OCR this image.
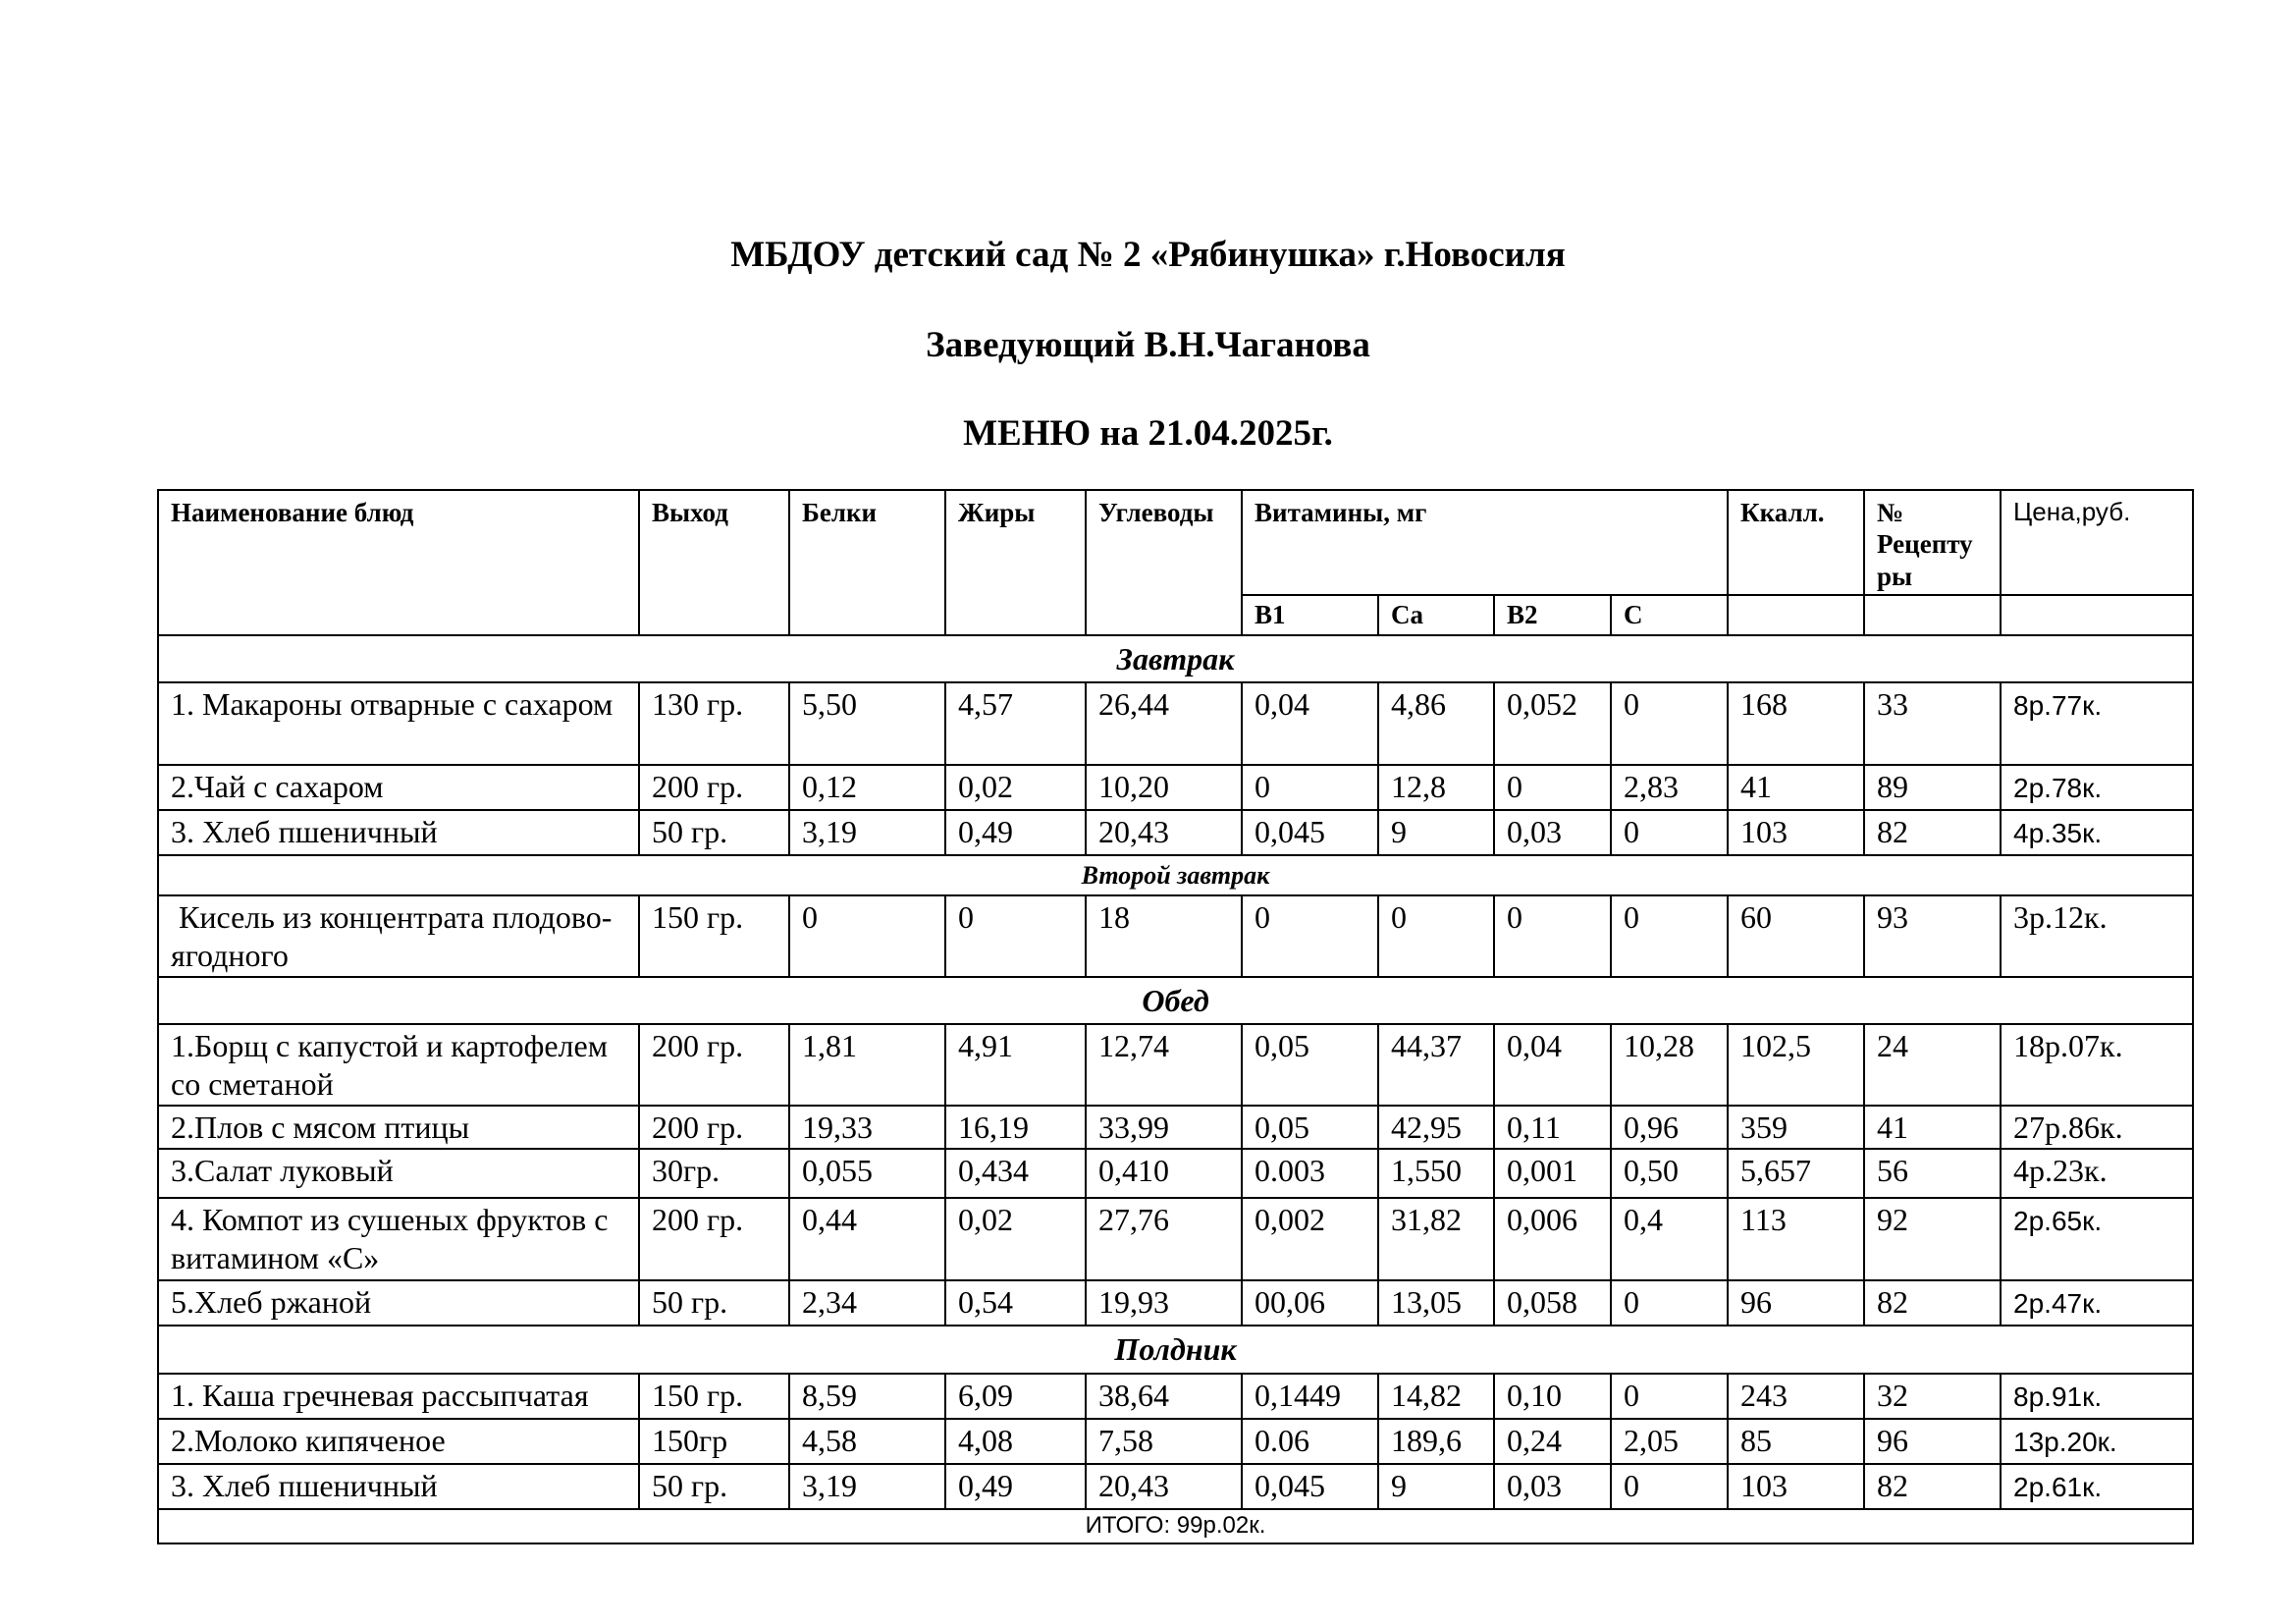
МБДОУ детский сад № 2 «Рябинушка» г.Новосиля
Заведующий В.Н.Чаганова
МЕНЮ на 21.04.2025г.
Наименование блюд	Выход	Белки	Жиры	Углеводы	Витамины, мг				Ккалл.	№ Рецепту ры	Цена,руб.
					В1	Са	В2	С			
Завтрак											
1. Макароны отварные с сахаром	130 гр.	5,50	4,57	26,44	0,04	4,86	0,052	0	168	33	8р.77к.
2.Чай с сахаром	200 гр.	0,12	0,02	10,20	0	12,8	0	2,83	41	89	2р.78к.
3. Хлеб пшеничный	50 гр.	3,19	0,49	20,43	0,045	9	0,03	0	103	82	4р.35к.
Второй завтрак											
Кисель из концентрата плодово-ягодного	150 гр.	0	0	18	0	0	0	0	60	93	3р.12к.
Обед											
1.Борщ с капустой и картофелем со сметаной	200 гр.	1,81	4,91	12,74	0,05	44,37	0,04	10,28	102,5	24	18р.07к.
2.Плов с мясом птицы	200 гр.	19,33	16,19	33,99	0,05	42,95	0,11	0,96	359	41	27р.86к.
3.Салат луковый	30гр.	0,055	0,434	0,410	0.003	1,550	0,001	0,50	5,657	56	4р.23к.
4. Компот из сушеных фруктов с витамином «С»	200 гр.	0,44	0,02	27,76	0,002	31,82	0,006	0,4	113	92	2р.65к.
5.Хлеб ржаной	50 гр.	2,34	0,54	19,93	00,06	13,05	0,058	0	96	82	2р.47к.
Полдник											
1. Каша гречневая рассыпчатая	150 гр.	8,59	6,09	38,64	0,1449	14,82	0,10	0	243	32	8р.91к.
2.Молоко кипяченое	150гр	4,58	4,08	7,58	0.06	189,6	0,24	2,05	85	96	13р.20к.
3. Хлеб пшеничный	50 гр.	3,19	0,49	20,43	0,045	9	0,03	0	103	82	2р.61к.
ИТОГО: 99р.02к.											
